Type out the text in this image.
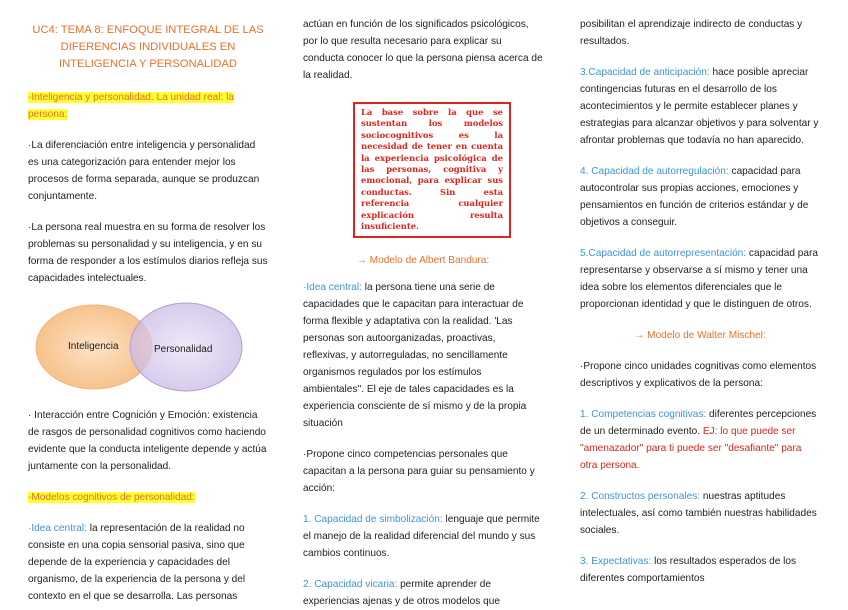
UC4: TEMA 8: ENFOQUE INTEGRAL DE LAS DIFERENCIAS INDIVIDUALES EN INTELIGENCIA Y PERSONALIDAD

-Inteligencia y personalidad. La unidad real: la persona:

·La diferenciación entre inteligencia y personalidad es una categorización para entender mejor los procesos de forma separada, aunque se produzcan conjuntamente.

·La persona real muestra en su forma de resolver los problemas su personalidad y su inteligencia, y en su forma de responder a los estímulos diarios refleja sus capacidades intelectuales.

Inteligencia	Personalidad

· Interacción entre Cognición y Emoción: existencia de rasgos de personalidad cognitivos como haciendo evidente que la conducta inteligente depende y actúa juntamente con la personalidad.

-Modelos cognitivos de personalidad:

·Idea central: la representación de la realidad no consiste en una copia sensorial pasiva, sino que depende de la experiencia y capacidades del organismo, de la experiencia de la persona y del contexto en el que se desarrolla. Las personas

actúan en función de los significados psicológicos, por lo que resulta necesario para explicar su conducta conocer lo que la persona piensa acerca de la realidad.

La base sobre la que se sustentan los modelos sociocognitivos es la necesidad de tener en cuenta la experiencia psicológica de las personas, cognitiva y emocional, para explicar sus conductas. Sin esta referencia cualquier explicación resulta insuficiente.

→ Modelo de Albert Bandura:

·Idea central: la persona tiene una serie de capacidades que le capacitan para interactuar de forma flexible y adaptativa con la realidad. 'Las personas son autoorganizadas, proactivas, reflexivas, y autorreguladas, no sencillamente organismos regulados por los estímulos ambientales''. El eje de tales capacidades es la experiencia consciente de sí mismo y de la propia situación

·Propone cinco competencias personales que capacitan a la persona para guiar su pensamiento y acción:

1. Capacidad de simbolización: lenguaje que permite el manejo de la realidad diferencial del mundo y sus cambios continuos.

2. Capacidad vicaria: permite aprender de experiencias ajenas y de otros modelos que

posibilitan el aprendizaje indirecto de conductas y resultados.

3.Capacidad de anticipación: hace posible apreciar contingencias futuras en el desarrollo de los acontecimientos y le permite establecer planes y estrategias para alcanzar objetivos y para solventar y afrontar problemas que todavía no han aparecido.

4. Capacidad de autorregulación: capacidad para autocontrolar sus propias acciones, emociones y pensamientos en función de criterios estándar y de objetivos a conseguir.

5.Capacidad de autorrepresentación: capacidad para representarse y observarse a sí mismo y tener una idea sobre los elementos diferenciales que le proporcionan identidad y que le distinguen de otros.

→ Modelo de Walter Mischel:

·Propone cinco unidades cognitivas como elementos descriptivos y explicativos de la persona:

1. Competencias cognitivas: diferentes percepciones de un determinado evento. EJ: lo que puede ser "amenazador" para ti puede ser "desafiante" para otra persona.

2. Constructos personales: nuestras aptitudes intelectuales, así como también nuestras habilidades sociales.

3. Expectativas: los resultados esperados de los diferentes comportamientos
